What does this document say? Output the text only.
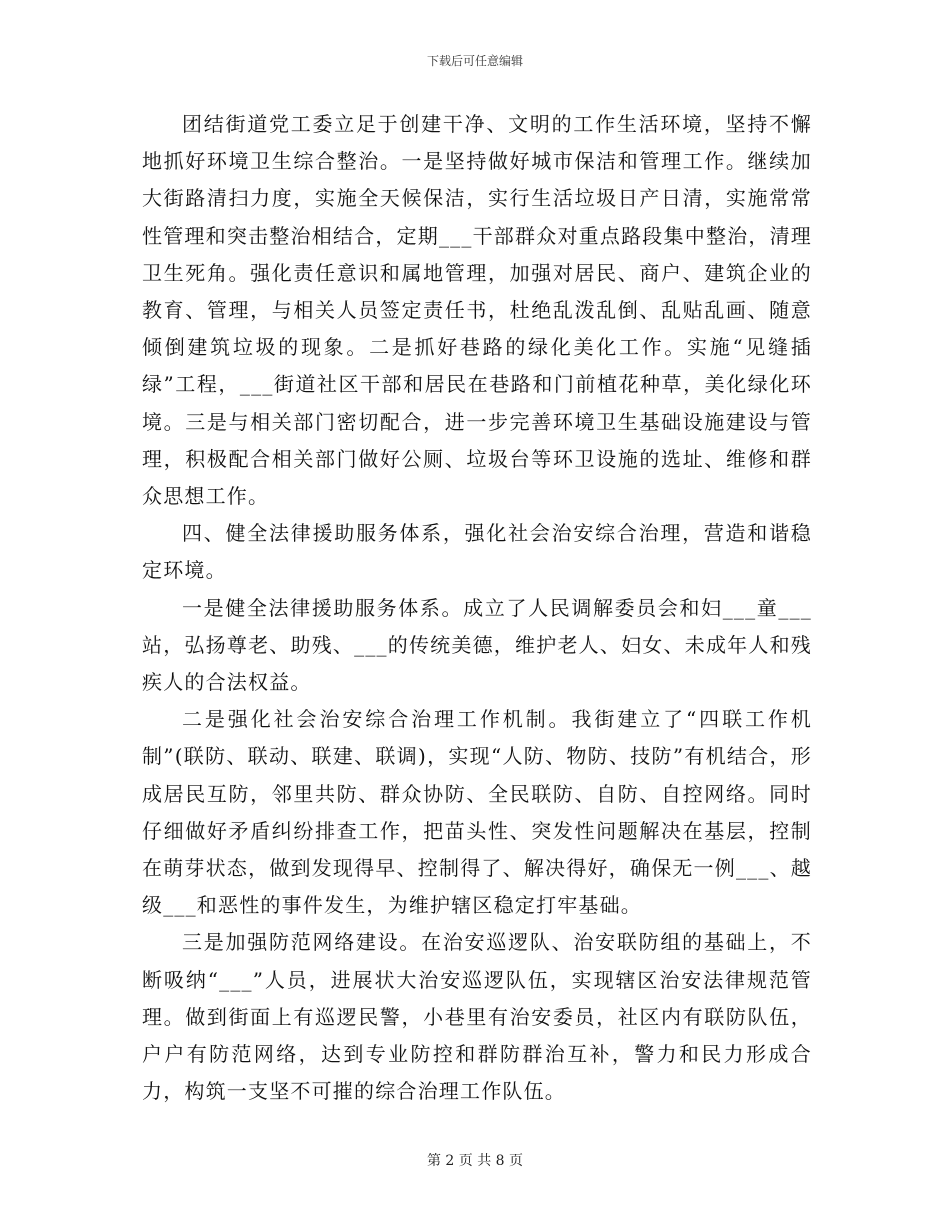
下载后可任意编辑

团结街道党工委立足于创建干净、文明的工作生活环境，坚持不懈地抓好环境卫生综合整治。一是坚持做好城市保洁和管理工作。继续加大街路清扫力度，实施全天候保洁，实行生活垃圾日产日清，实施常常性管理和突击整治相结合，定期___干部群众对重点路段集中整治，清理卫生死角。强化责任意识和属地管理，加强对居民、商户、建筑企业的教育、管理，与相关人员签定责任书，杜绝乱泼乱倒、乱贴乱画、随意倾倒建筑垃圾的现象。二是抓好巷路的绿化美化工作。实施“见缝插绿”工程，___街道社区干部和居民在巷路和门前植花种草，美化绿化环境。三是与相关部门密切配合，进一步完善环境卫生基础设施建设与管理，积极配合相关部门做好公厕、垃圾台等环卫设施的选址、维修和群众思想工作。

四、健全法律援助服务体系，强化社会治安综合治理，营造和谐稳定环境。

一是健全法律援助服务体系。成立了人民调解委员会和妇___童___站，弘扬尊老、助残、___的传统美德，维护老人、妇女、未成年人和残疾人的合法权益。

二是强化社会治安综合治理工作机制。我街建立了“四联工作机制”(联防、联动、联建、联调)，实现“人防、物防、技防”有机结合，形成居民互防，邻里共防、群众协防、全民联防、自防、自控网络。同时仔细做好矛盾纠纷排查工作，把苗头性、突发性问题解决在基层，控制在萌芽状态，做到发现得早、控制得了、解决得好，确保无一例___、越级___和恶性的事件发生，为维护辖区稳定打牢基础。

三是加强防范网络建设。在治安巡逻队、治安联防组的基础上，不断吸纳“___”人员，进展状大治安巡逻队伍，实现辖区治安法律规范管理。做到街面上有巡逻民警，小巷里有治安委员，社区内有联防队伍，户户有防范网络，达到专业防控和群防群治互补，警力和民力形成合力，构筑一支坚不可摧的综合治理工作队伍。

第 2 页 共 8 页
